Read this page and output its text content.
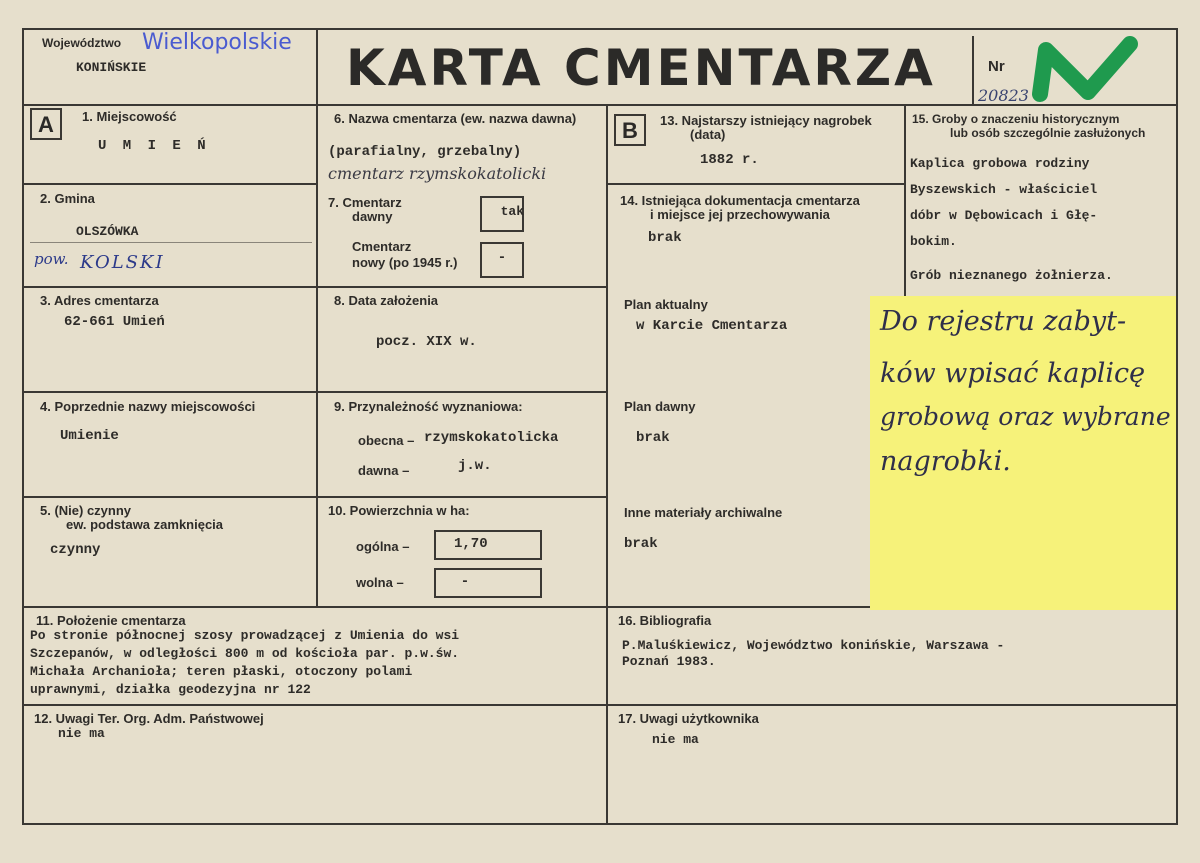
Województwo Wielkopolskie
KONIŃSKIE	KARTA CMENTARZA	Nr
20823
A	1. Miejscowość
U M I E Ń
2. Gmina
OLSZÓWKA
pow. KOLSKI
3. Adres cmentarza
62-661 Umień
4. Poprzednie nazwy miejscowości
Umienie
5. (Nie) czynny
ew. podstawa zamknięcia
czynny
6. Nazwa cmentarza (ew. nazwa dawna)
(parafialny, grzebalny)
cmentarz rzymskokatolicki
7. Cmentarz
dawny	tak
Cmentarz
nowy (po 1945 r.)	-
8. Data założenia
pocz. XIX w.
9. Przynależność wyznaniowa:
obecna – rzymskokatolicka
dawna –	j.w.
10. Powierzchnia w ha:
ogólna –	1,70
wolna –	-
B	13. Najstarszy istniejący nagrobek
(data)
1882 r.
14. Istniejąca dokumentacja cmentarza
i miejsce jej przechowywania
brak
Plan aktualny
w Karcie Cmentarza
Plan dawny
brak
Inne materiały archiwalne
brak
15. Groby o znaczeniu historycznym
lub osób szczególnie zasłużonych
Kaplica grobowa rodziny
Byszewskich - właściciel
dóbr w Dębowicach i Głę-
bokim.
Grób nieznanego żołnierza.
Do rejestru zabyt-
ków wpisać kaplicę
grobową oraz wybrane
nagrobki.
11. Położenie cmentarza
Po stronie północnej szosy prowadzącej z Umienia do wsi
Szczepanów, w odległości 800 m od kościoła par. p.w.św.
Michała Archanioła; teren płaski, otoczony polami
uprawnymi, działka geodezyjna nr 122
16. Bibliografia
P.Maluśkiewicz, Województwo konińskie, Warszawa -
Poznań 1983.
12. Uwagi Ter. Org. Adm. Państwowej
nie ma
17. Uwagi użytkownika
nie ma
